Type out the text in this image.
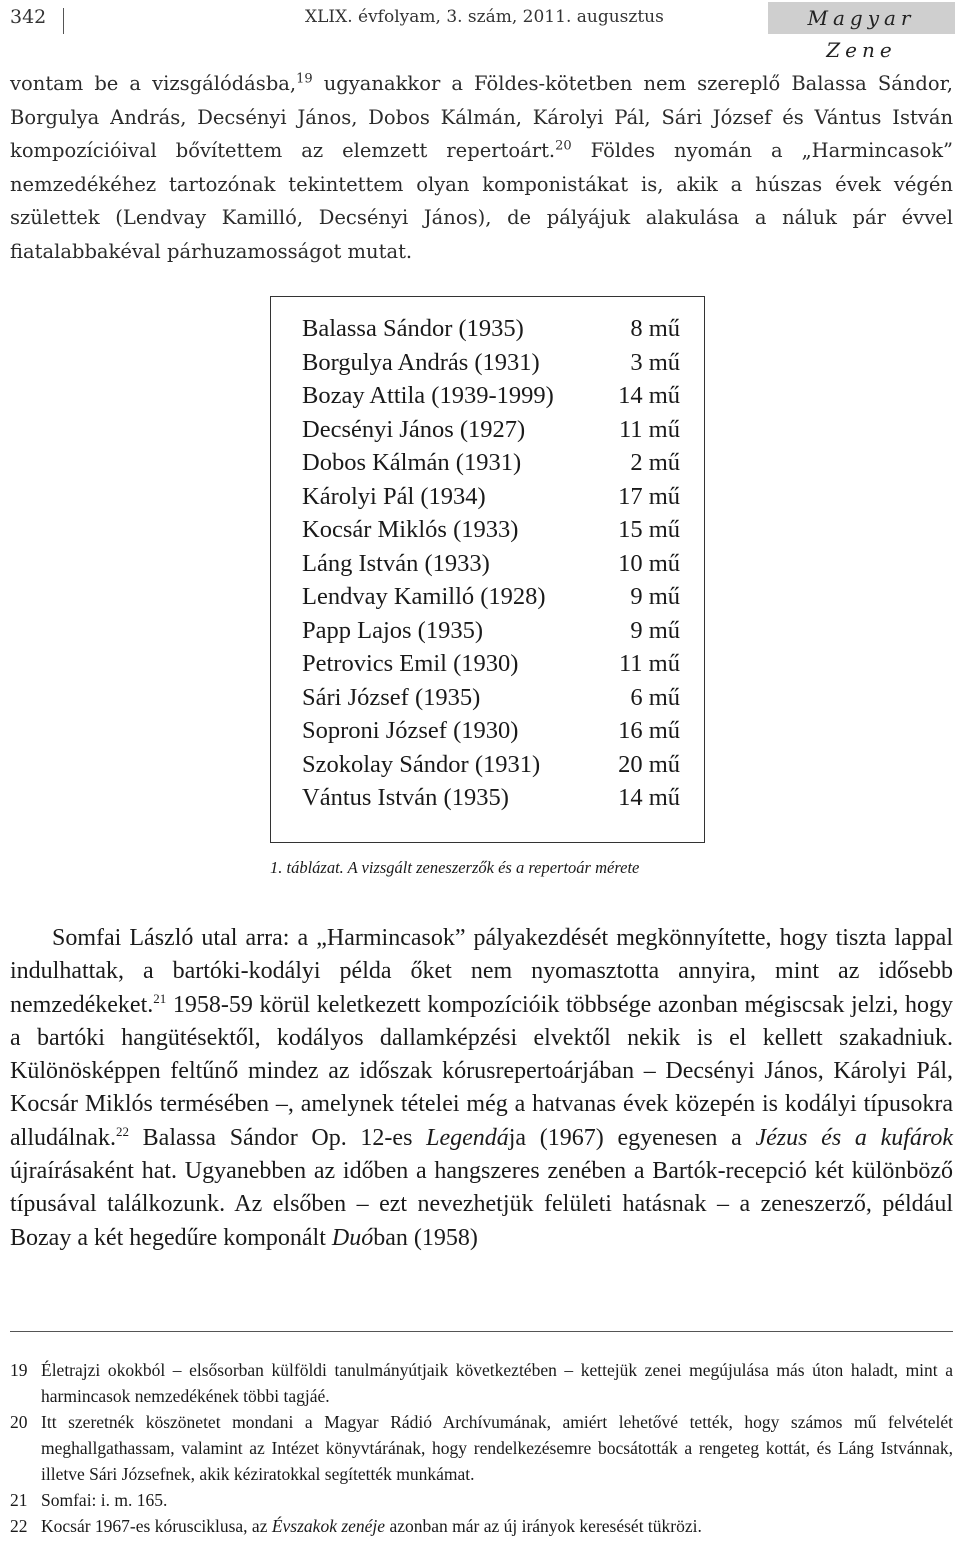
342	XLIX. évfolyam, 3. szám, 2011. augusztus	Magyar Zene
vontam be a vizsgálódásba,$^{19}$ ugyanakkor a Földes-kötetben nem szereplő Balassa Sándor, Borgulya András, Decsényi János, Dobos Kálmán, Károlyi Pál, Sári József és Vántus István kompozícióival bővítettem az elemzett repertoárt.$^{20}$ Földes nyomán a „Harmincasok” nemzedékéhez tartozónak tekintettem olyan komponistákat is, akik a húszas évek végén születtek (Lendvay Kamilló, Decsényi János), de pályájuk alakulása a náluk pár évvel fiatalabbakéval párhuzamosságot mutat.
Balassa Sándor (1935)	8 mű
Borgulya András (1931)	3 mű
Bozay Attila (1939-1999)	14 mű
Decsényi János (1927)	11 mű
Dobos Kálmán (1931)	2 mű
Károlyi Pál (1934)	17 mű
Kocsár Miklós (1933)	15 mű
Láng István (1933)	10 mű
Lendvay Kamilló (1928)	9 mű
Papp Lajos (1935)	9 mű
Petrovics Emil (1930)	11 mű
Sári József (1935)	6 mű
Soproni József (1930)	16 mű
Szokolay Sándor (1931)	20 mű
Vántus István (1935)	14 mű
1. táblázat. A vizsgált zeneszerzők és a repertoár mérete
Somfai László utal arra: a „Harmincasok” pályakezdését megkönnyítette, hogy tiszta lappal indulhattak, a bartóki-kodályi példa őket nem nyomasztotta annyira, mint az idősebb nemzedékeket.$^{21}$ 1958-59 körül keletkezett kompozícióik többsége azonban mégiscsak jelzi, hogy a bartóki hangütésektől, kodályos dallamképzési elvektől nekik is el kellett szakadniuk. Különösképpen feltűnő mindez az időszak kórusrepertoárjában – Decsényi János, Károlyi Pál, Kocsár Miklós termésében –, amelynek tételei még a hatvanas évek közepén is kodályi típusokra alludálnak.$^{22}$ Balassa Sándor Op. 12-es Legendája (1967) egyenesen a Jézus és a kufárok újraírásaként hat. Ugyanebben az időben a hangszeres zenében a Bartók-recepció két különböző típusával találkozunk. Az elsőben – ezt nevezhetjük felületi hatásnak – a zeneszerző, például Bozay a két hegedűre komponált Duóban (1958)
19 Életrajzi okokból – elsősorban külföldi tanulmányútjaik következtében – kettejük zenei megújulása más úton haladt, mint a harmincasok nemzedékének többi tagjáé.
20 Itt szeretnék köszönetet mondani a Magyar Rádió Archívumának, amiért lehetővé tették, hogy számos mű felvételét meghallgathassam, valamint az Intézet könyvtárának, hogy rendelkezésemre bocsátották a rengeteg kottát, és Láng Istvánnak, illetve Sári Józsefnek, akik kéziratokkal segítették munkámat.
21 Somfai: i. m. 165.
22 Kocsár 1967-es kórusciklusa, az Évszakok zenéje azonban már az új irányok keresését tükrözi.
